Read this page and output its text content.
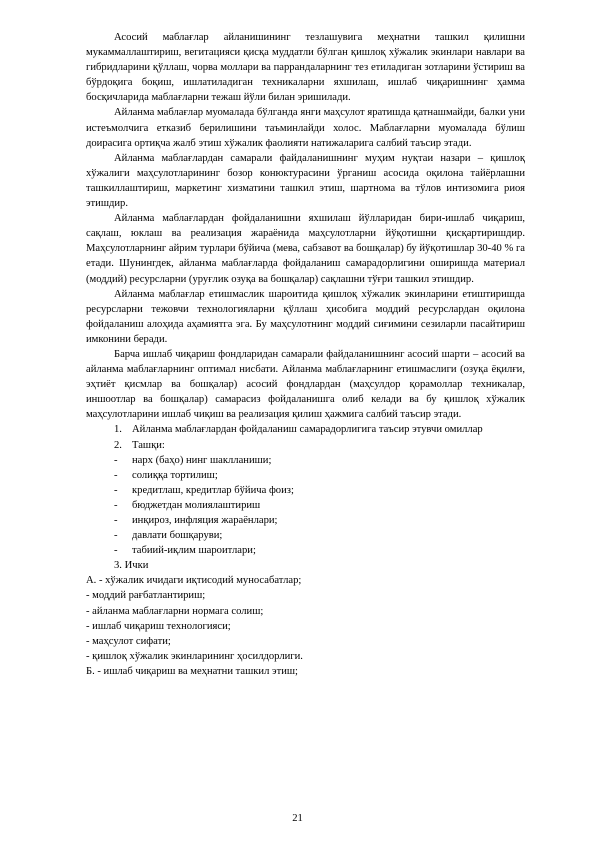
Асосий маблағлар айланишининг тезлашувига меҳнатни ташкил қилишни мукаммаллаштириш, вегитацияси қисқа муддатли бўлган қишлоқ хўжалик экинлари навлари ва гибридларини қўллаш, чорва моллари ва паррандаларнинг тез етиладиган зотларини ўстириш ва бўрдоқига боқиш, ишлатиладиган техникаларни яхшилаш, ишлаб чиқаришнинг ҳамма босқичларида маблағларни тежаш йўли билан эришилади.

Айланма маблағлар муомалада бўлганда янги маҳсулот яратишда қатнашмайди, балки уни истеъмолчига етказиб берилишини таъминлайди холос. Маблағларни муомалада бўлиш доирасига ортиқча жалб этиш хўжалик фаолияти натижаларига салбий таъсир этади.

Айланма маблағлардан самарали файдаланишнинг муҳим нуқтаи назари – қишлоқ хўжалиги маҳсулотларининг бозор конюктурасини ўрганиш асосида оқилона тайёрлашни ташкиллаштириш, маркетинг хизматини ташкил этиш, шартнома ва тўлов интизомига риоя этишдир.

Айланма маблағлардан фойдаланишни яхшилаш йўлларидан бири-ишлаб чиқариш, сақлаш, юклаш ва реализация жараёнида маҳсулотларни йўқотишни қисқартиришдир. Маҳсулотларнинг айрим турлари бўйича (мева, сабзавот ва бошқалар) бу йўқотишлар 30-40 % га етади. Шунингдек, айланма маблағларда фойдаланиш самарадорлигини оширишда материал (моддий) ресурсларни (уруғлик озуқа ва бошқалар) сақлашни тўғри ташкил этишдир.

Айланма маблағлар етишмаслик шароитида қишлоқ хўжалик экинларини етиштиришда ресурсларни тежовчи технологияларни қўллаш ҳисобига моддий ресурслардан оқилона фойдаланиш алоҳида аҳамиятга эга. Бу маҳсулотнинг моддий сиғимини сезиларли пасайтириш имконини беради.

Барча ишлаб чиқариш фондларидан самарали файдаланишнинг асосий шарти – асосий ва айланма маблағларнинг оптимал нисбати. Айланма маблағларнинг етишмаслиги (озуқа ёқилғи, эҳтиёт қисмлар ва бошқалар) асосий фондлардан (маҳсулдор қорамоллар техникалар, иншоотлар ва бошқалар) самарасиз фойдаланишга олиб келади ва бу қишлоқ хўжалик маҳсулотларини ишлаб чиқиш ва реализация қилиш ҳажмига салбий таъсир этади.

1. Айланма маблағлардан фойдаланиш самарадорлигига таъсир этувчи омиллар
2. Ташқи:
- нарх (баҳо) нинг шаклланиши;
- солиққа тортилиш;
- кредитлаш, кредитлар бўйича фоиз;
- бюджетдан молиялаштириш
- инқироз, инфляция жараёнлари;
- давлати бошқаруви;
- табиий-иқлим шароитлари;

3. Ички

А. - хўжалик ичидаги иқтисодий муносабатлар;

- моддий рағбатлантириш;

- айланма маблағларни нормага солиш;

- ишлаб чиқариш технологияси;

- маҳсулот сифати;

- қишлоқ хўжалик экинларининг ҳосилдорлиги.

Б. - ишлаб чиқариш ва меҳнатни ташкил этиш;

21
